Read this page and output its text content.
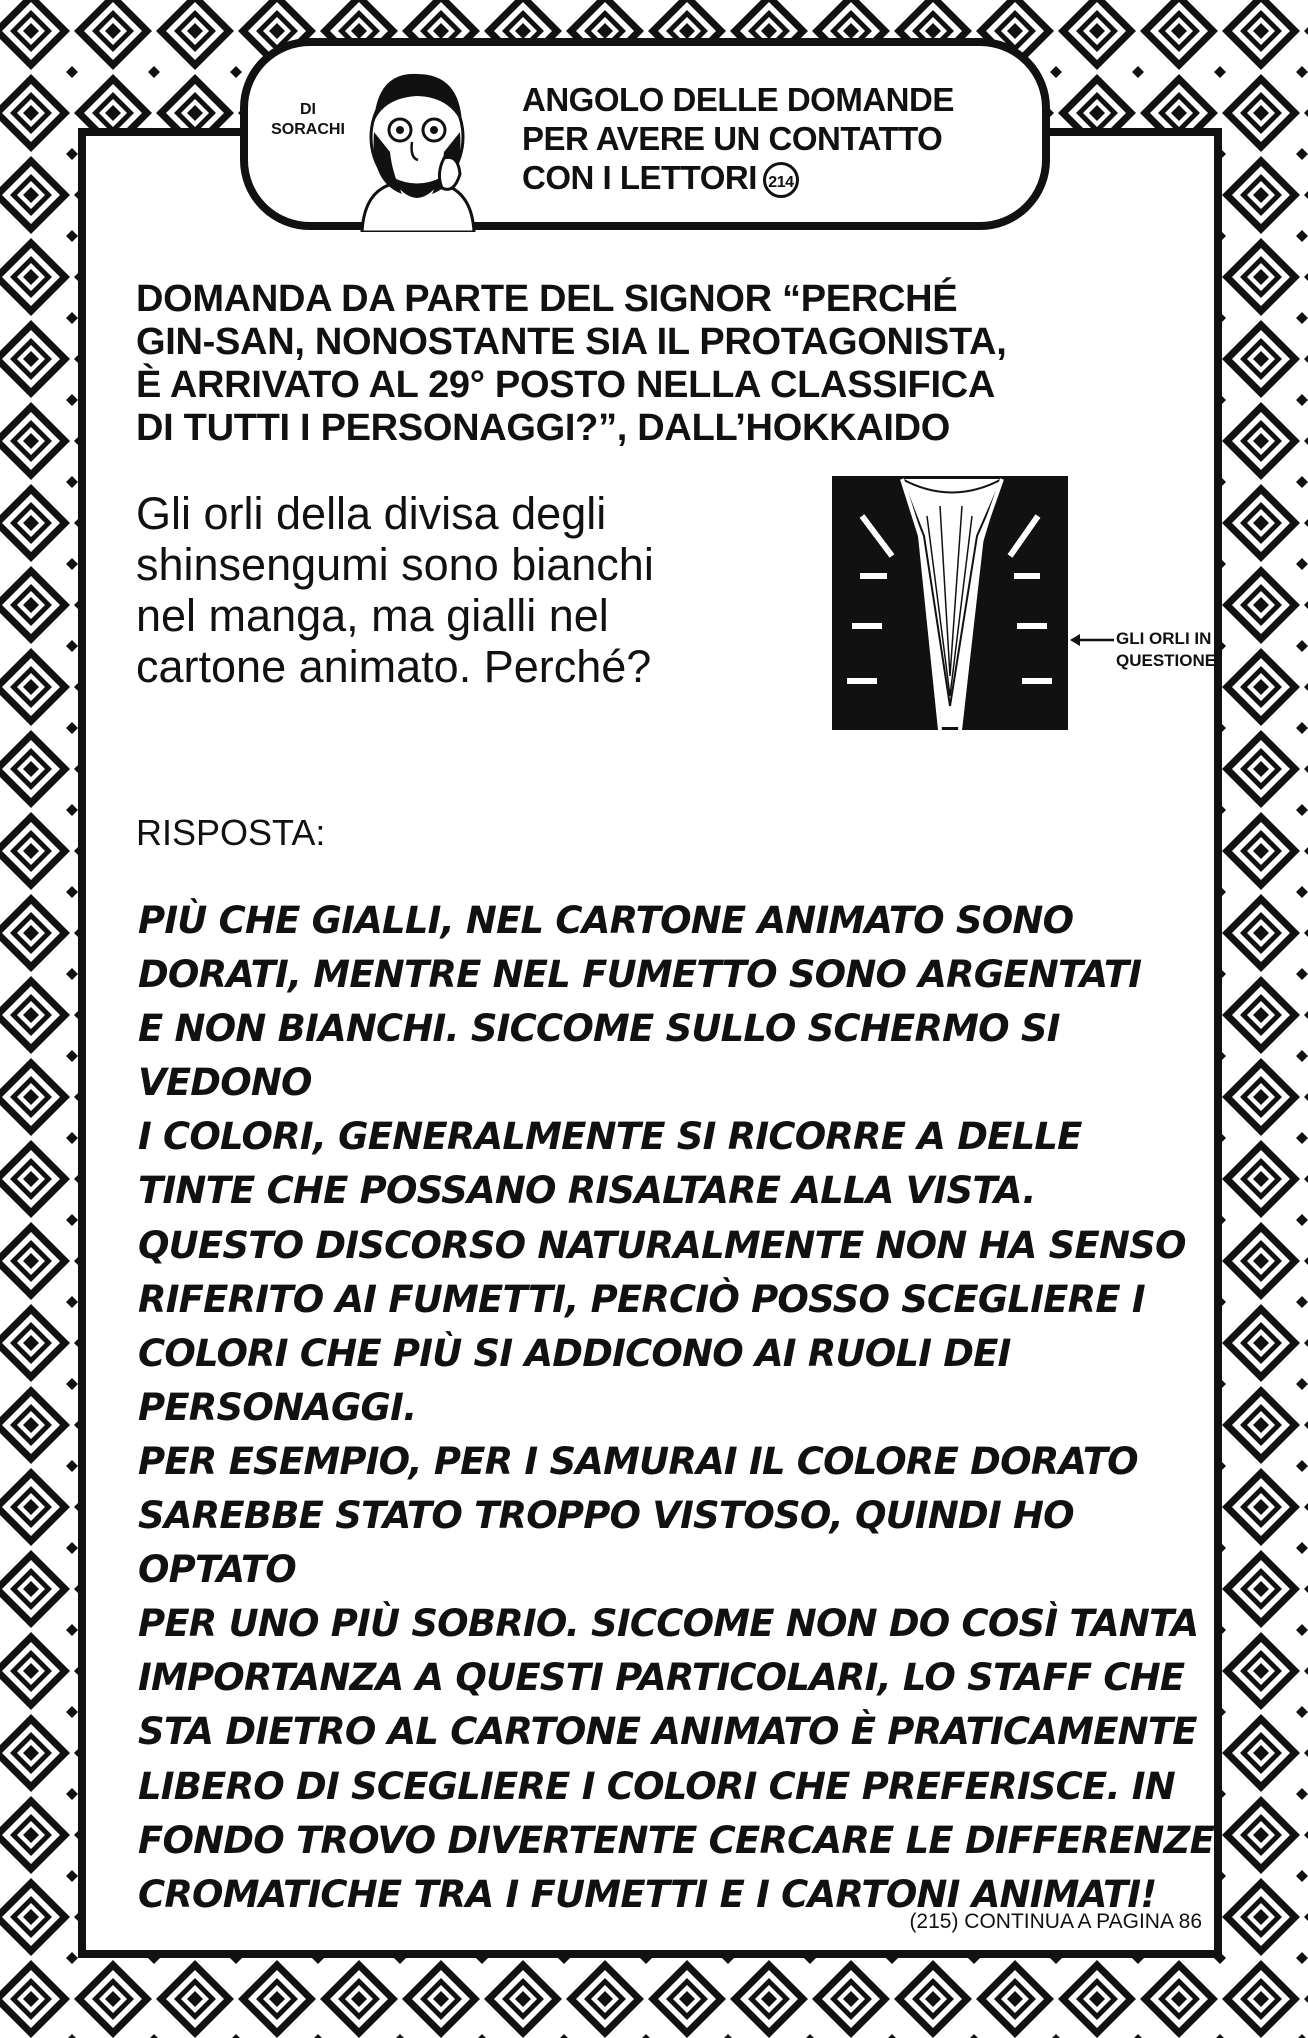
DI
SORACHI
ANGOLO DELLE DOMANDE
PER AVERE UN CONTATTO
CON I LETTORI 214
DOMANDA DA PARTE DEL SIGNOR “PERCHÉ
GIN-SAN, NONOSTANTE SIA IL PROTAGONISTA,
È ARRIVATO AL 29° POSTO NELLA CLASSIFICA
DI TUTTI I PERSONAGGI?”, DALL’HOKKAIDO
Gli orli della divisa degli
shinsengumi sono bianchi
nel manga, ma gialli nel
cartone animato. Perché?
GLI ORLI IN
QUESTIONE.
RISPOSTA:
PIÙ CHE GIALLI, NEL CARTONE ANIMATO SONO
DORATI, MENTRE NEL FUMETTO SONO ARGENTATI
E NON BIANCHI. SICCOME SULLO SCHERMO SI VEDONO
I COLORI, GENERALMENTE SI RICORRE A DELLE
TINTE CHE POSSANO RISALTARE ALLA VISTA.
QUESTO DISCORSO NATURALMENTE NON HA SENSO
RIFERITO AI FUMETTI, PERCIÒ POSSO SCEGLIERE I
COLORI CHE PIÙ SI ADDICONO AI RUOLI DEI PERSONAGGI.
PER ESEMPIO, PER I SAMURAI IL COLORE DORATO
SAREBBE STATO TROPPO VISTOSO, QUINDI HO OPTATO
PER UNO PIÙ SOBRIO. SICCOME NON DO COSÌ TANTA
IMPORTANZA A QUESTI PARTICOLARI, LO STAFF CHE
STA DIETRO AL CARTONE ANIMATO È PRATICAMENTE
LIBERO DI SCEGLIERE I COLORI CHE PREFERISCE. IN
FONDO TROVO DIVERTENTE CERCARE LE DIFFERENZE
CROMATICHE TRA I FUMETTI E I CARTONI ANIMATI!
(215) CONTINUA A PAGINA 86
